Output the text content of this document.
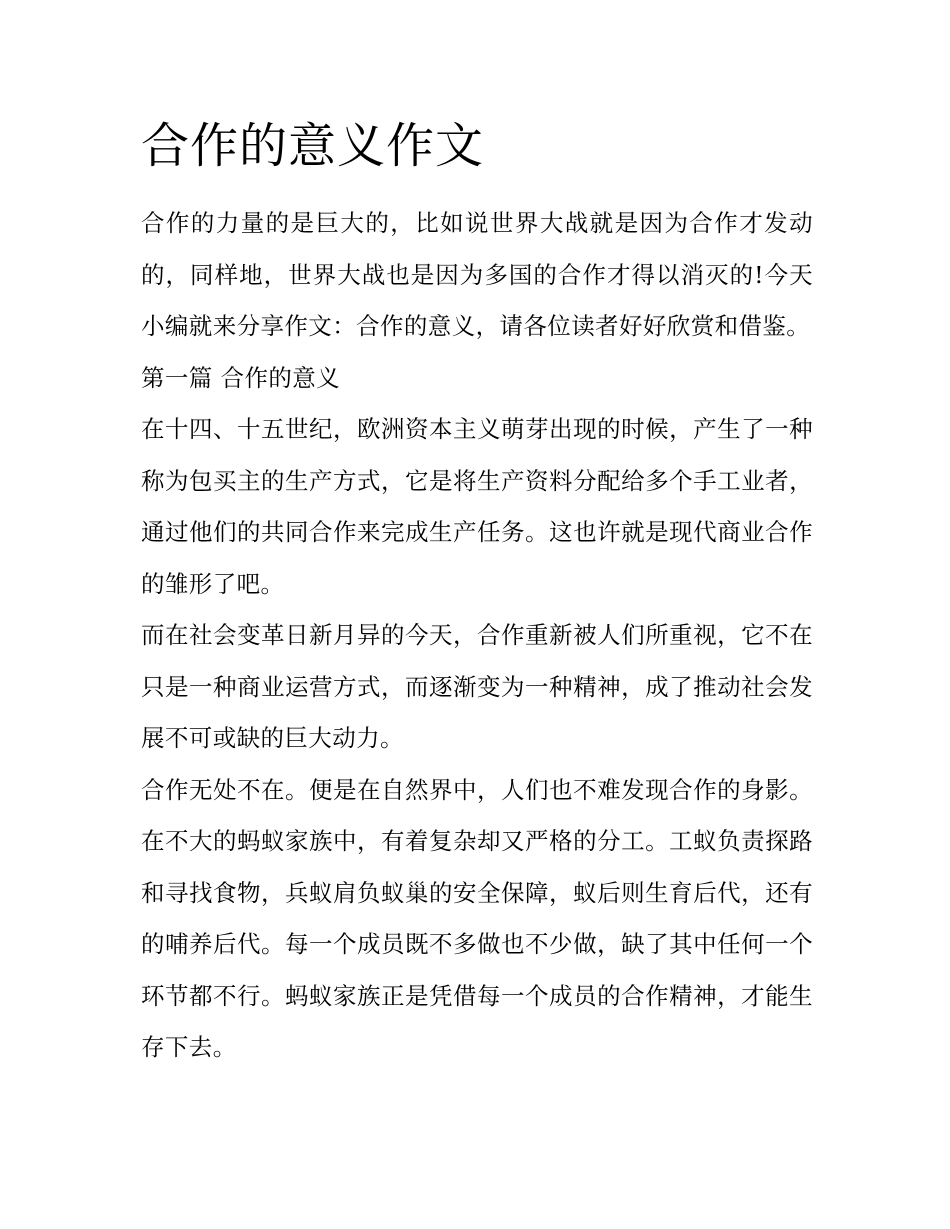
合作的意义作文

合作的力量的是巨大的，比如说世界大战就是因为合作才发动的，同样地，世界大战也是因为多国的合作才得以消灭的!今天小编就来分享作文：合作的意义，请各位读者好好欣赏和借鉴。

第一篇 合作的意义

在十四、十五世纪，欧洲资本主义萌芽出现的时候，产生了一种称为包买主的生产方式，它是将生产资料分配给多个手工业者，通过他们的共同合作来完成生产任务。这也许就是现代商业合作的雏形了吧。

而在社会变革日新月异的今天，合作重新被人们所重视，它不在只是一种商业运营方式，而逐渐变为一种精神，成了推动社会发展不可或缺的巨大动力。

合作无处不在。便是在自然界中，人们也不难发现合作的身影。在不大的蚂蚁家族中，有着复杂却又严格的分工。工蚁负责探路和寻找食物，兵蚁肩负蚁巢的安全保障，蚁后则生育后代，还有的哺养后代。每一个成员既不多做也不少做，缺了其中任何一个环节都不行。蚂蚁家族正是凭借每一个成员的合作精神，才能生存下去。
